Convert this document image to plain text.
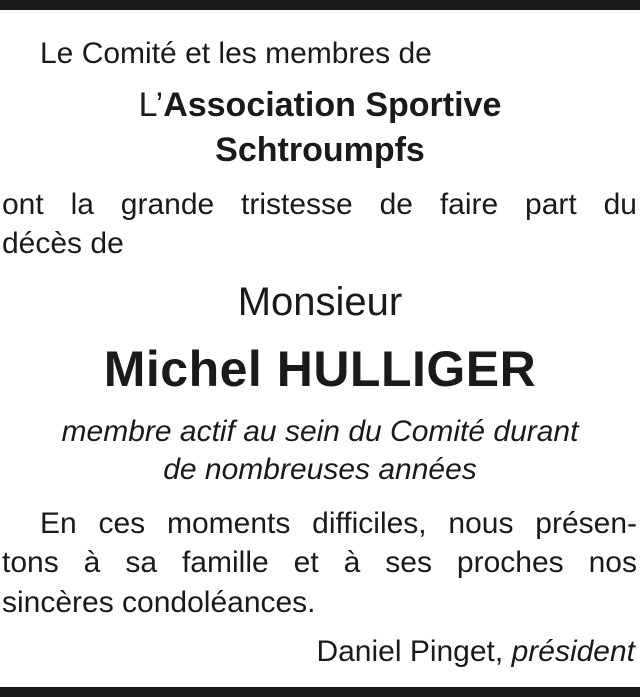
Le Comité et les membres de
L’Association Sportive
Schtroumpfs
ont la grande tristesse de faire part du
décès de
Monsieur
Michel HULLIGER
membre actif au sein du Comité durant
de nombreuses années
En ces moments difficiles, nous présen-
tons à sa famille et à ses proches nos
sincères condoléances.
Daniel Pinget, président
